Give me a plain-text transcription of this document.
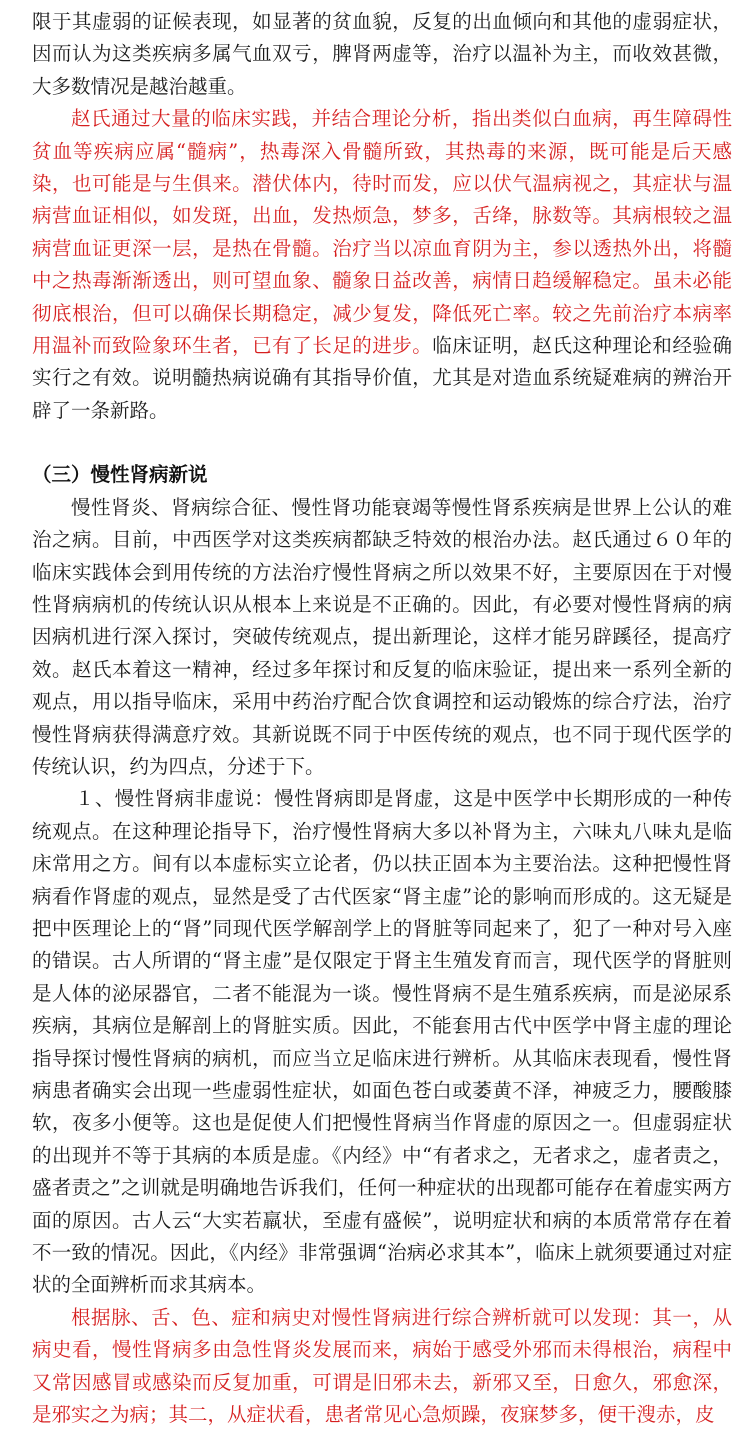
限于其虚弱的证候表现，如显著的贫血貌，反复的出血倾向和其他的虚弱症状，因而认为这类疾病多属气血双亏，脾肾两虚等，治疗以温补为主，而收效甚微，大多数情况是越治越重。

赵氏通过大量的临床实践，并结合理论分析，指出类似白血病，再生障碍性贫血等疾病应属“髓病”，热毒深入骨髓所致，其热毒的来源，既可能是后天感染，也可能是与生俱来。潜伏体内，待时而发，应以伏气温病视之，其症状与温病营血证相似，如发斑，出血，发热烦急，梦多，舌绛，脉数等。其病根较之温病营血证更深一层，是热在骨髓。治疗当以凉血育阴为主，参以透热外出，将髓中之热毒渐渐透出，则可望血象、髓象日益改善，病情日趋缓解稳定。虽未必能彻底根治，但可以确保长期稳定，减少复发，降低死亡率。较之先前治疗本病率用温补而致险象环生者，已有了长足的进步。临床证明，赵氏这种理论和经验确实行之有效。说明髓热病说确有其指导价值，尤其是对造血系统疑难病的辨治开辟了一条新路。

（三）慢性肾病新说

慢性肾炎、肾病综合征、慢性肾功能衰竭等慢性肾系疾病是世界上公认的难治之病。目前，中西医学对这类疾病都缺乏特效的根治办法。赵氏通过６０年的临床实践体会到用传统的方法治疗慢性肾病之所以效果不好，主要原因在于对慢性肾病病机的传统认识从根本上来说是不正确的。因此，有必要对慢性肾病的病因病机进行深入探讨，突破传统观点，提出新理论，这样才能另辟蹊径，提高疗效。赵氏本着这一精神，经过多年探讨和反复的临床验证，提出来一系列全新的观点，用以指导临床，采用中药治疗配合饮食调控和运动锻炼的综合疗法，治疗慢性肾病获得满意疗效。其新说既不同于中医传统的观点，也不同于现代医学的传统认识，约为四点，分述于下。

１、慢性肾病非虚说：慢性肾病即是肾虚，这是中医学中长期形成的一种传统观点。在这种理论指导下，治疗慢性肾病大多以补肾为主，六味丸八味丸是临床常用之方。间有以本虚标实立论者，仍以扶正固本为主要治法。这种把慢性肾病看作肾虚的观点，显然是受了古代医家“肾主虚”论的影响而形成的。这无疑是把中医理论上的“肾”同现代医学解剖学上的肾脏等同起来了，犯了一种对号入座的错误。古人所谓的“肾主虚”是仅限定于肾主生殖发育而言，现代医学的肾脏则是人体的泌尿器官，二者不能混为一谈。慢性肾病不是生殖系疾病，而是泌尿系疾病，其病位是解剖上的肾脏实质。因此，不能套用古代中医学中肾主虚的理论指导探讨慢性肾病的病机，而应当立足临床进行辨析。从其临床表现看，慢性肾病患者确实会出现一些虚弱性症状，如面色苍白或萎黄不泽，神疲乏力，腰酸膝软，夜多小便等。这也是促使人们把慢性肾病当作肾虚的原因之一。但虚弱症状的出现并不等于其病的本质是虚。《内经》中“有者求之，无者求之，虚者责之，盛者责之”之训就是明确地告诉我们，任何一种症状的出现都可能存在着虚实两方面的原因。古人云“大实若羸状，至虚有盛候”，说明症状和病的本质常常存在着不一致的情况。因此，《内经》非常强调“治病必求其本”，临床上就须要通过对症状的全面辨析而求其病本。

根据脉、舌、色、症和病史对慢性肾病进行综合辨析就可以发现：其一，从病史看，慢性肾病多由急性肾炎发展而来，病始于感受外邪而未得根治，病程中又常因感冒或感染而反复加重，可谓是旧邪未去，新邪又至，日愈久，邪愈深，是邪实之为病；其二，从症状看，患者常见心急烦躁，夜寐梦多，便干溲赤，皮
